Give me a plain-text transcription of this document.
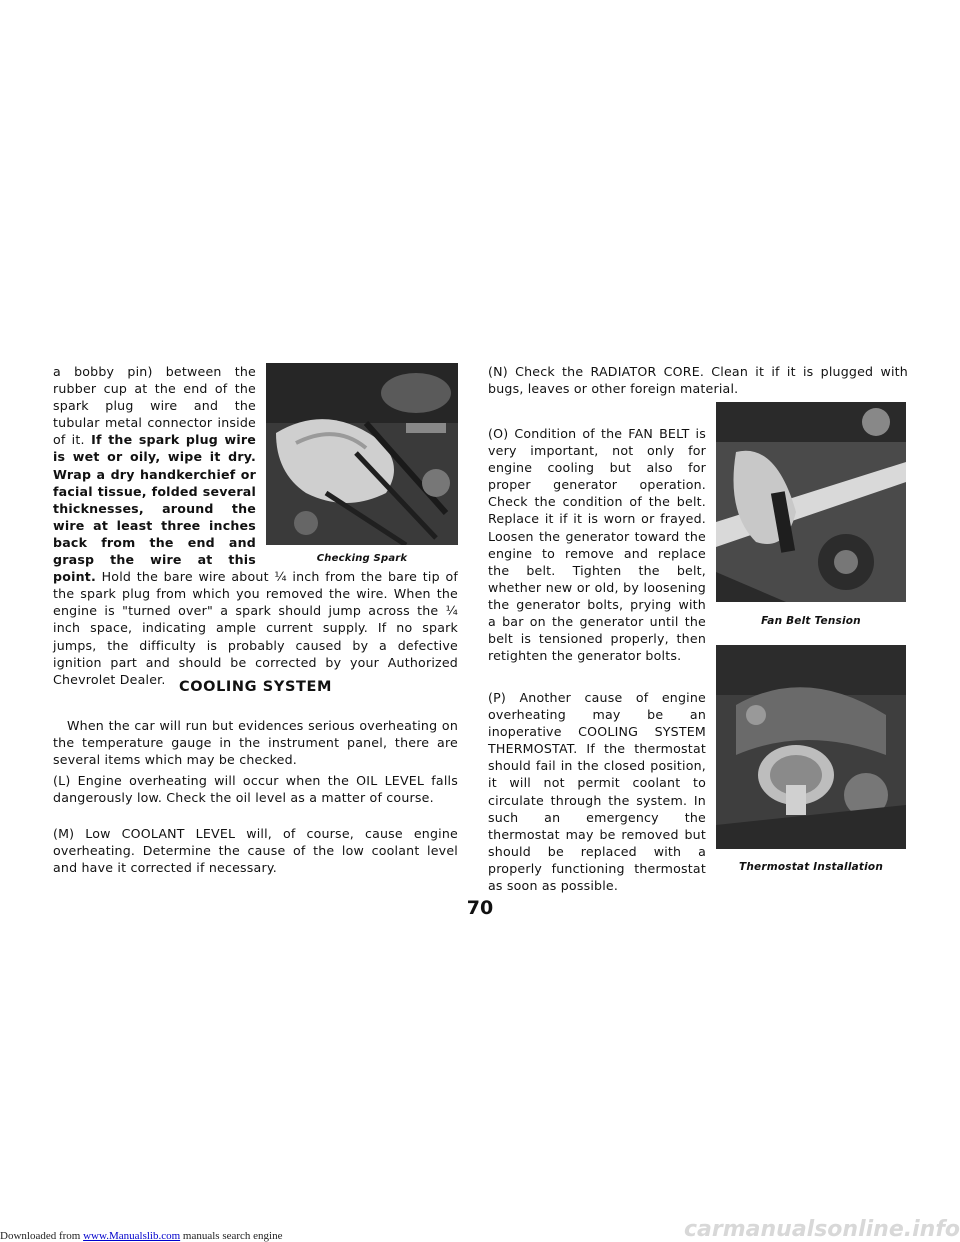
Checking Spark

a bobby pin) between the rubber cup at the end of the spark plug wire and the tubular metal connector inside of it. If the spark plug wire is wet or oily, wipe it dry. Wrap a dry handkerchief or facial tissue, folded several thicknesses, around the wire at least three inches back from the end and grasp the wire at this point. Hold the bare wire about ¼ inch from the bare tip of the spark plug from which you removed the wire. When the engine is "turned over" a spark should jump across the ¼ inch space, indicating ample current supply. If no spark jumps, the difficulty is probably caused by a defective ignition part and should be corrected by your Authorized Chevrolet Dealer. COOLING SYSTEM
When the car will run but evidences serious overheating on the temperature gauge in the instrument panel, there are several items which may be checked.
(L) Engine overheating will occur when the OIL LEVEL falls dangerously low. Check the oil level as a matter of course.
(M) Low COOLANT LEVEL will, of course, cause engine overheating. Determine the cause of the low coolant level and have it corrected if necessary.
(N) Check the RADIATOR CORE. Clean it if it is plugged with bugs, leaves or other foreign material.
Fan Belt Tension
(O) Condition of the FAN BELT is very important, not only for engine cooling but also for proper generator operation. Check the condition of the belt. Replace it if it is worn or frayed. Loosen the generator toward the engine to remove and replace the belt. Tighten the belt, whether new or old, by loosening the generator bolts, prying with a bar on the generator until the belt is tensioned properly, then retighten the generator bolts.
Thermostat Installation
(P) Another cause of engine overheating may be an inoperative COOLING SYSTEM THERMOSTAT. If the thermostat should fail in the closed position, it will not permit coolant to circulate through the system. In such an emergency the thermostat may be removed but should be replaced with a properly functioning thermostat as soon as possible.
70
Downloaded from www.Manualslib.com manuals search engine	carmanualsonline.info
